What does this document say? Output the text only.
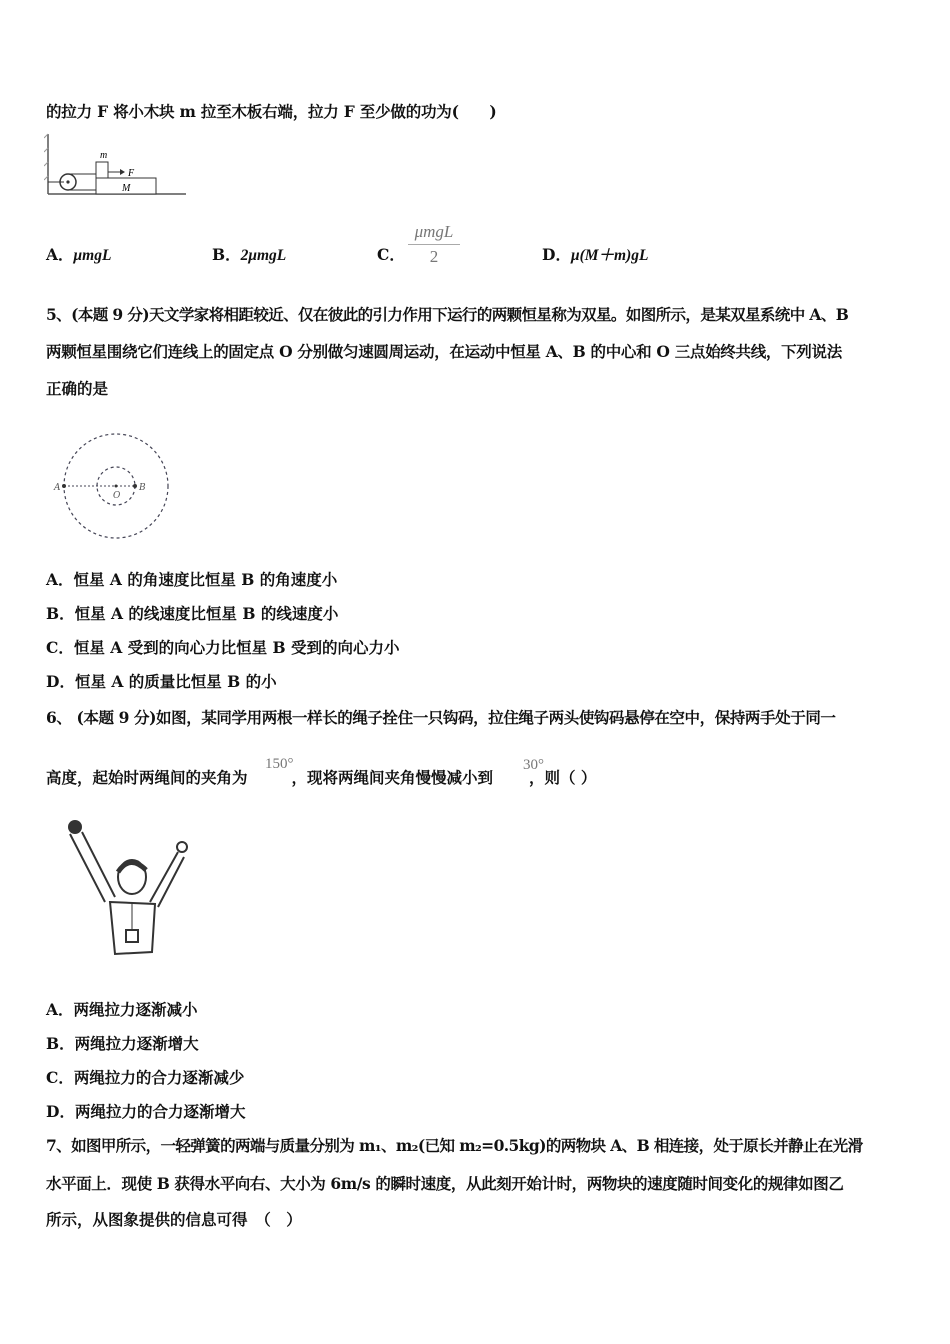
的拉力 F 将小木块 m 拉至木板右端，拉力 F 至少做的功为(　　)
m
F
M
A．μmgL	B．2μmgL	C．
μmgL
2	D．μ(M＋m)gL
5、(本题 9 分)天文学家将相距较近、仅在彼此的引力作用下运行的两颗恒星称为双星。如图所示，是某双星系统中 A、B
两颗恒星围绕它们连线上的固定点 O 分别做匀速圆周运动，在运动中恒星 A、B 的中心和 O 三点始终共线，下列说法
正确的是
A
O
B
A．恒星 A 的角速度比恒星 B 的角速度小
B．恒星 A 的线速度比恒星 B 的线速度小
C．恒星 A 受到的向心力比恒星 B 受到的向心力小
D．恒星 A 的质量比恒星 B 的小
6、 (本题 9 分)如图，某同学用两根一样长的绳子拴住一只钩码，拉住绳子两头使钩码悬停在空中，保持两手处于同一
高度，起始时两绳间的夹角为	，现将两绳间夹角慢慢减小到 ，则（ ）
150°	30°
A．两绳拉力逐渐减小
B．两绳拉力逐渐增大
C．两绳拉力的合力逐渐减少
D．两绳拉力的合力逐渐增大
7、如图甲所示，一轻弹簧的两端与质量分别为 m₁、m₂(已知 m₂=0.5kg)的两物块 A、B 相连接，处于原长并静止在光滑
水平面上．现使 B 获得水平向右、大小为 6m/s 的瞬时速度，从此刻开始计时，两物块的速度随时间变化的规律如图乙
所示，从图象提供的信息可得　（　）
